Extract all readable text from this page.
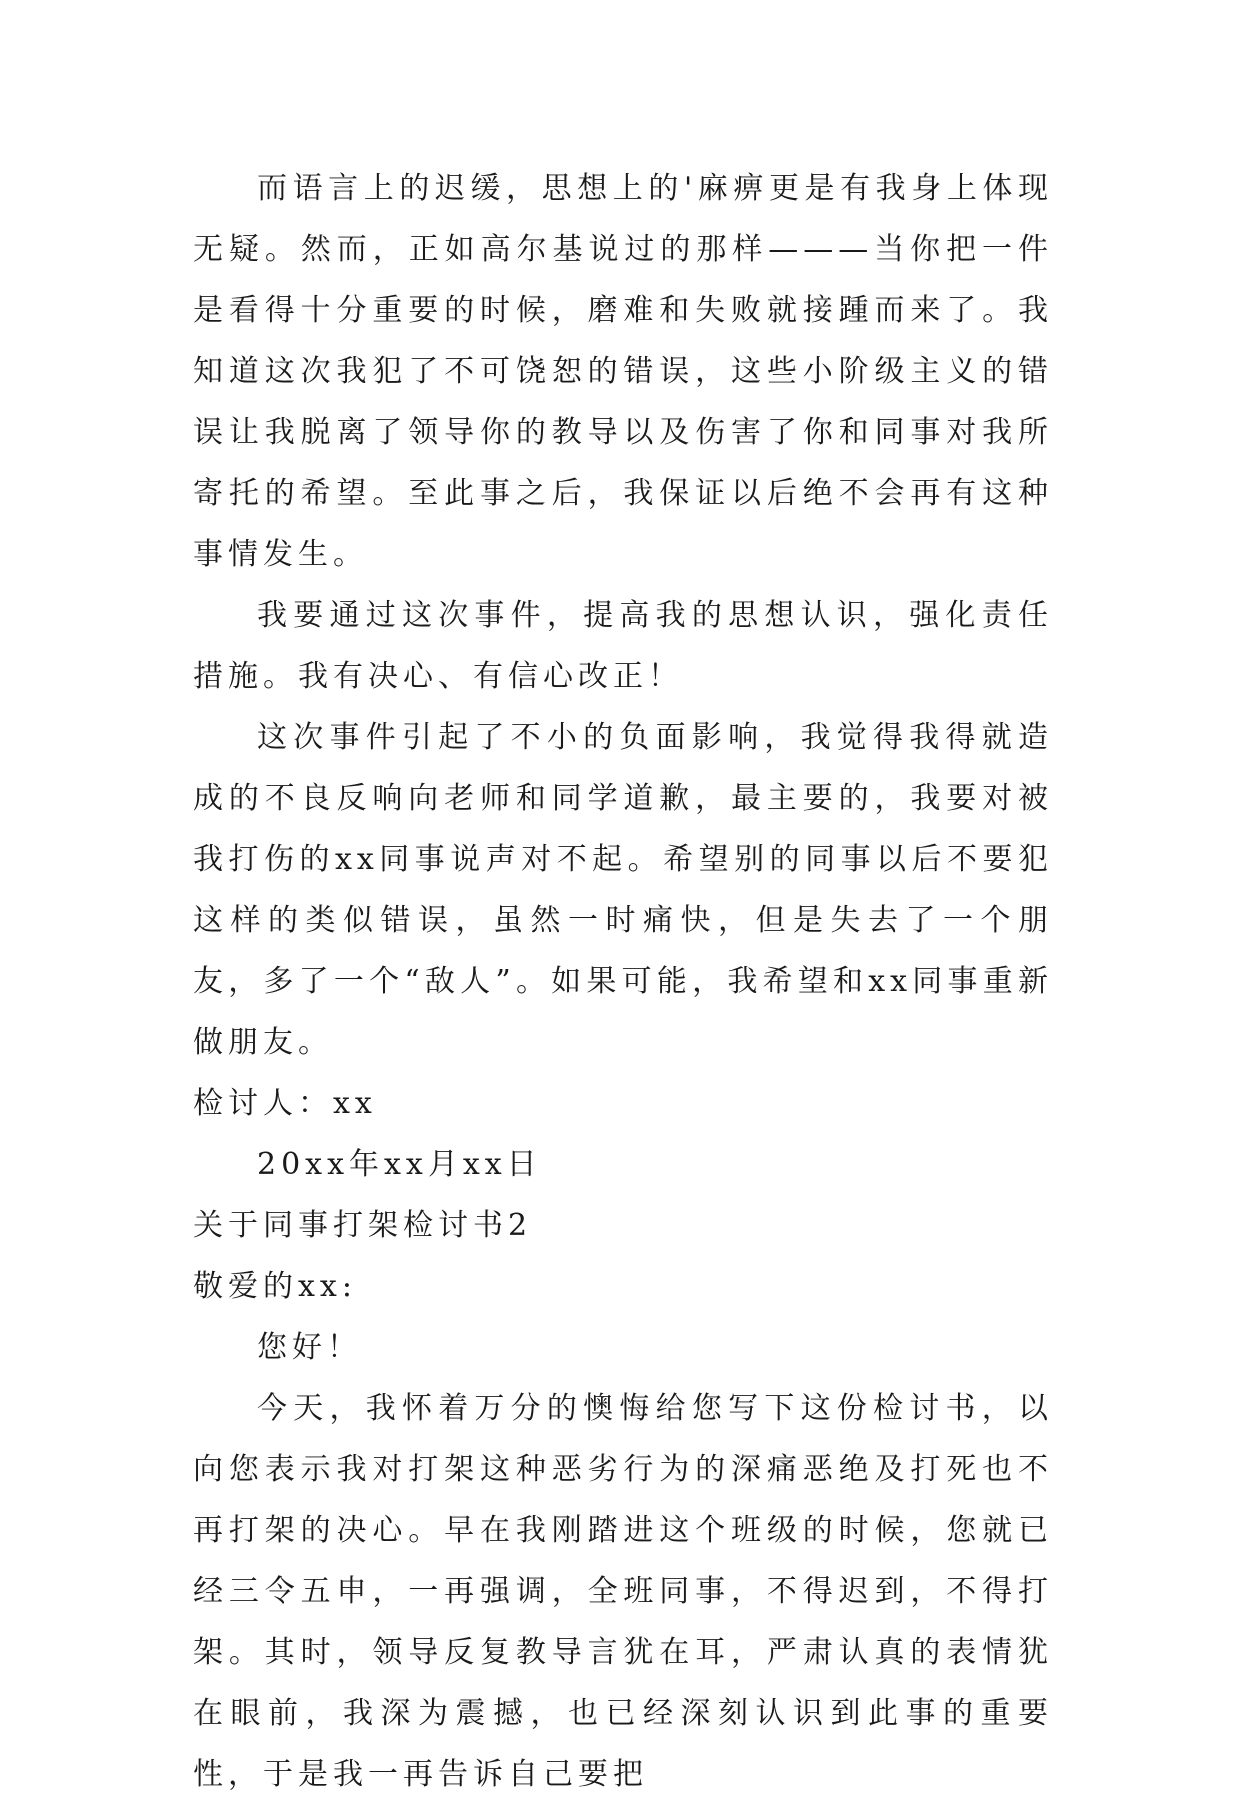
而语言上的迟缓，思想上的'麻痹更是有我身上体现无疑。然而，正如高尔基说过的那样———当你把一件是看得十分重要的时候，磨难和失败就接踵而来了。我知道这次我犯了不可饶恕的错误，这些小阶级主义的错误让我脱离了领导你的教导以及伤害了你和同事对我所寄托的希望。至此事之后，我保证以后绝不会再有这种事情发生。

我要通过这次事件，提高我的思想认识，强化责任措施。我有决心、有信心改正！

这次事件引起了不小的负面影响，我觉得我得就造成的不良反响向老师和同学道歉，最主要的，我要对被我打伤的xx同事说声对不起。希望别的同事以后不要犯这样的类似错误，虽然一时痛快，但是失去了一个朋友，多了一个“敌人”。如果可能，我希望和xx同事重新做朋友。

检讨人：xx

20xx年xx月xx日

关于同事打架检讨书2

敬爱的xx:

您好！

今天，我怀着万分的懊悔给您写下这份检讨书，以向您表示我对打架这种恶劣行为的深痛恶绝及打死也不再打架的决心。早在我刚踏进这个班级的时候，您就已经三令五申，一再强调，全班同事，不得迟到，不得打架。其时，领导反复教导言犹在耳，严肃认真的表情犹在眼前，我深为震撼，也已经深刻认识到此事的重要性，于是我一再告诉自己要把
